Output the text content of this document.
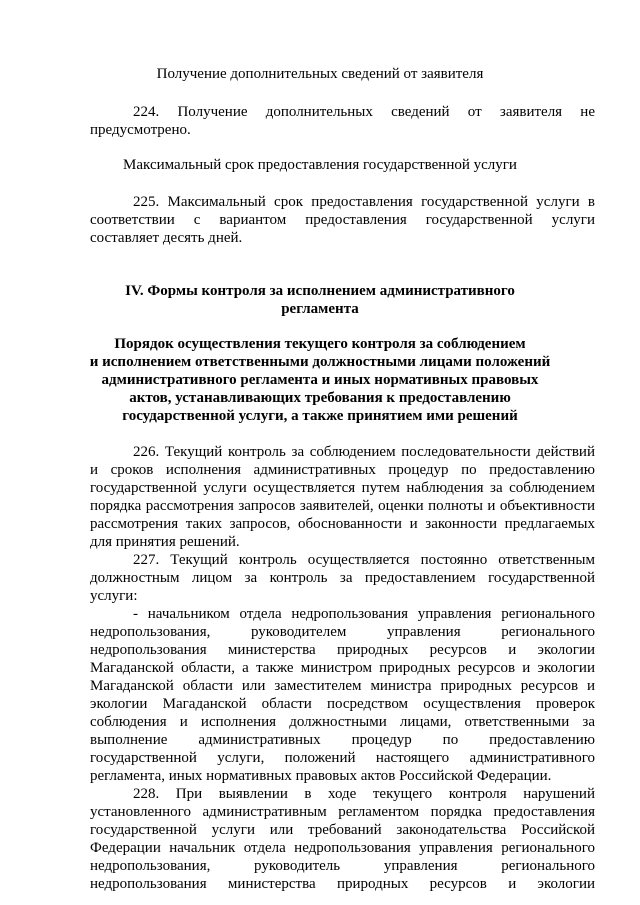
Получение дополнительных сведений от заявителя
224. Получение дополнительных сведений от заявителя не
предусмотрено.
Максимальный срок предоставления государственной услуги
225. Максимальный срок предоставления государственной услуги в
соответствии с вариантом предоставления государственной услуги
составляет десять дней.
IV. Формы контроля за исполнением административного
регламента
Порядок осуществления текущего контроля за соблюдением
и исполнением ответственными должностными лицами положений
административного регламента и иных нормативных правовых
актов, устанавливающих требования к предоставлению
государственной услуги, а также принятием ими решений
226. Текущий контроль за соблюдением последовательности действий
и сроков исполнения административных процедур по предоставлению
государственной услуги осуществляется путем наблюдения за соблюдением
порядка рассмотрения запросов заявителей, оценки полноты и объективности
рассмотрения таких запросов, обоснованности и законности предлагаемых
для принятия решений.
227. Текущий контроль осуществляется постоянно ответственным
должностным лицом за контроль за предоставлением государственной
услуги:
- начальником отдела недропользования управления регионального
недропользования, руководителем управления регионального
недропользования министерства природных ресурсов и экологии
Магаданской области, а также министром природных ресурсов и экологии
Магаданской области или заместителем министра природных ресурсов и
экологии Магаданской области посредством осуществления проверок
соблюдения и исполнения должностными лицами, ответственными за
выполнение административных процедур по предоставлению
государственной услуги, положений настоящего административного
регламента, иных нормативных правовых актов Российской Федерации.
228. При выявлении в ходе текущего контроля нарушений
установленного административным регламентом порядка предоставления
государственной услуги или требований законодательства Российской
Федерации начальник отдела недропользования управления регионального
недропользования, руководитель управления регионального
недропользования министерства природных ресурсов и экологии
